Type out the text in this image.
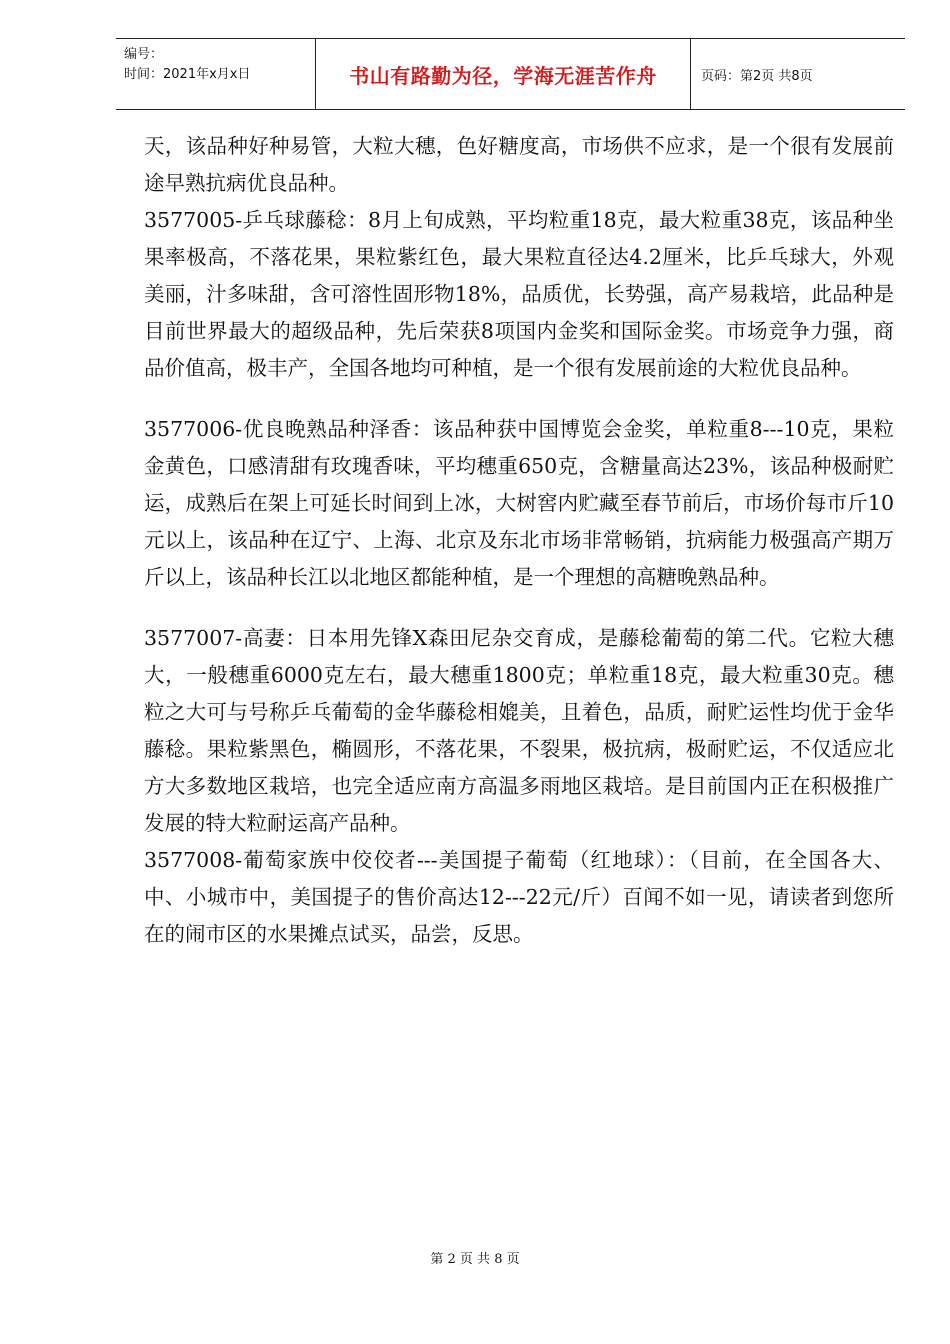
编号：
时间：2021年x月x日	书山有路勤为径，学海无涯苦作舟	页码：第2页 共8页

天，该品种好种易管，大粒大穗，色好糖度高，市场供不应求，是一个很有发展前途早熟抗病优良品种。

3577005-乒乓球藤稔：8月上旬成熟，平均粒重18克，最大粒重38克，该品种坐果率极高，不落花果，果粒紫红色，最大果粒直径达4.2厘米，比乒乓球大，外观美丽，汁多味甜，含可溶性固形物18%，品质优，长势强，高产易栽培，此品种是目前世界最大的超级品种，先后荣获8项国内金奖和国际金奖。市场竞争力强，商品价值高，极丰产，全国各地均可种植，是一个很有发展前途的大粒优良品种。

3577006-优良晚熟品种泽香：该品种获中国博览会金奖，单粒重8---10克，果粒金黄色，口感清甜有玫瑰香味，平均穗重650克，含糖量高达23%，该品种极耐贮运，成熟后在架上可延长时间到上冰，大树窖内贮藏至春节前后，市场价每市斤10元以上，该品种在辽宁、上海、北京及东北市场非常畅销，抗病能力极强高产期万斤以上，该品种长江以北地区都能种植，是一个理想的高糖晚熟品种。

3577007-高妻：日本用先锋X森田尼杂交育成，是藤稔葡萄的第二代。它粒大穗大，一般穗重6000克左右，最大穗重1800克；单粒重18克，最大粒重30克。穗粒之大可与号称乒乓葡萄的金华藤稔相媲美，且着色，品质，耐贮运性均优于金华藤稔。果粒紫黑色，椭圆形，不落花果，不裂果，极抗病，极耐贮运，不仅适应北方大多数地区栽培，也完全适应南方高温多雨地区栽培。是目前国内正在积极推广发展的特大粒耐运高产品种。

3577008-葡萄家族中佼佼者---美国提子葡萄（红地球）：（目前，在全国各大、中、小城市中，美国提子的售价高达12---22元/斤）百闻不如一见，请读者到您所在的闹市区的水果摊点试买，品尝，反思。

第 2 页 共 8 页
